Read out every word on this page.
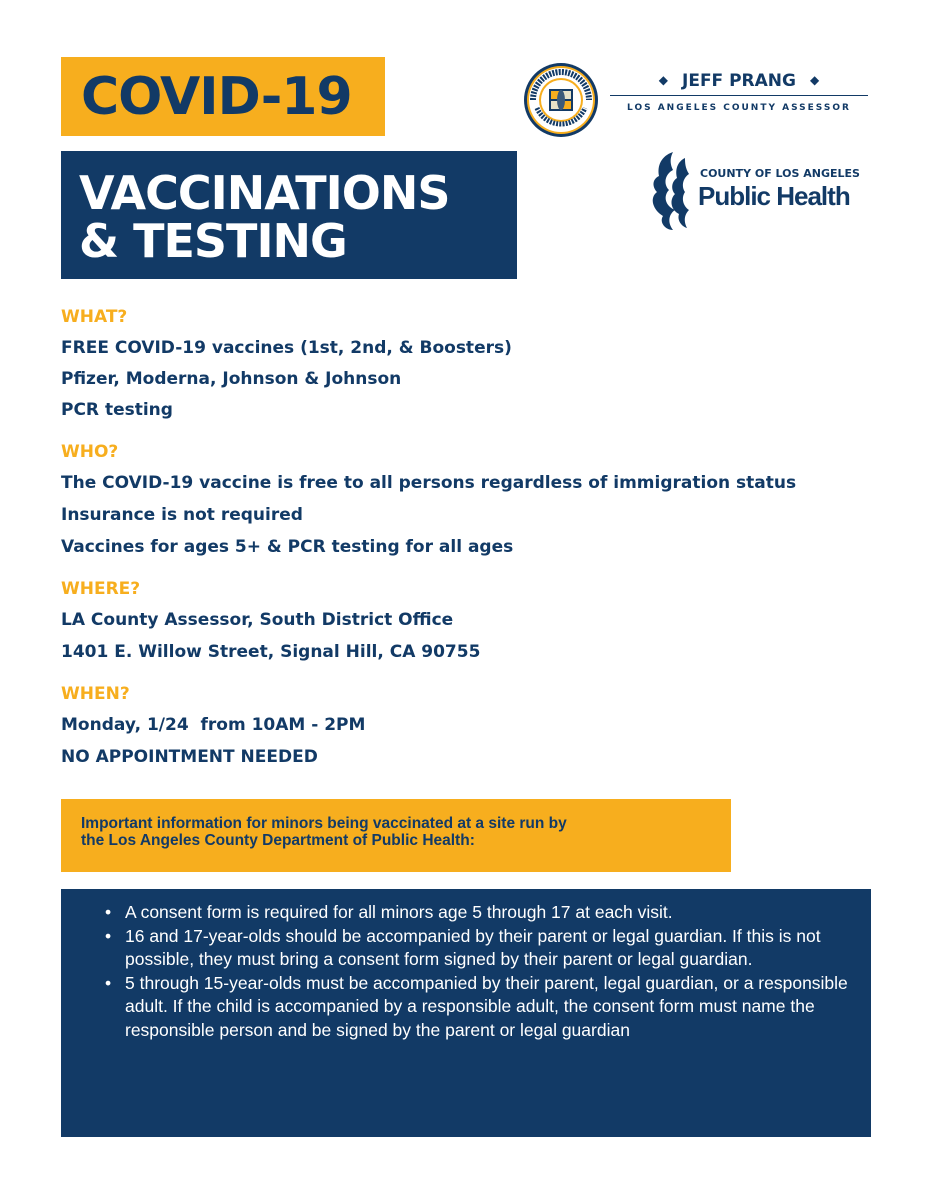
COVID-19
VACCINATIONS
& TESTING
◆ JEFF PRANG ◆
LOS ANGELES COUNTY ASSESSOR
COUNTY OF LOS ANGELES
Public Health
WHAT?
FREE COVID-19 vaccines (1st, 2nd, & Boosters)
Pfizer, Moderna, Johnson & Johnson
PCR testing
WHO?
The COVID-19 vaccine is free to all persons regardless of immigration status
Insurance is not required
Vaccines for ages 5+ & PCR testing for all ages
WHERE?
LA County Assessor, South District Office
1401 E. Willow Street, Signal Hill, CA 90755
WHEN?
Monday, 1/24  from 10AM - 2PM
NO APPOINTMENT NEEDED
Important information for minors being vaccinated at a site run by
the Los Angeles County Department of Public Health:
• A consent form is required for all minors age 5 through 17 at each visit.
• 16 and 17-year-olds should be accompanied by their parent or legal guardian. If this is not possible, they must bring a consent form signed by their parent or legal guardian.
• 5 through 15-year-olds must be accompanied by their parent, legal guardian, or a responsible adult. If the child is accompanied by a responsible adult, the consent form must name the responsible person and be signed by the parent or legal guardian
